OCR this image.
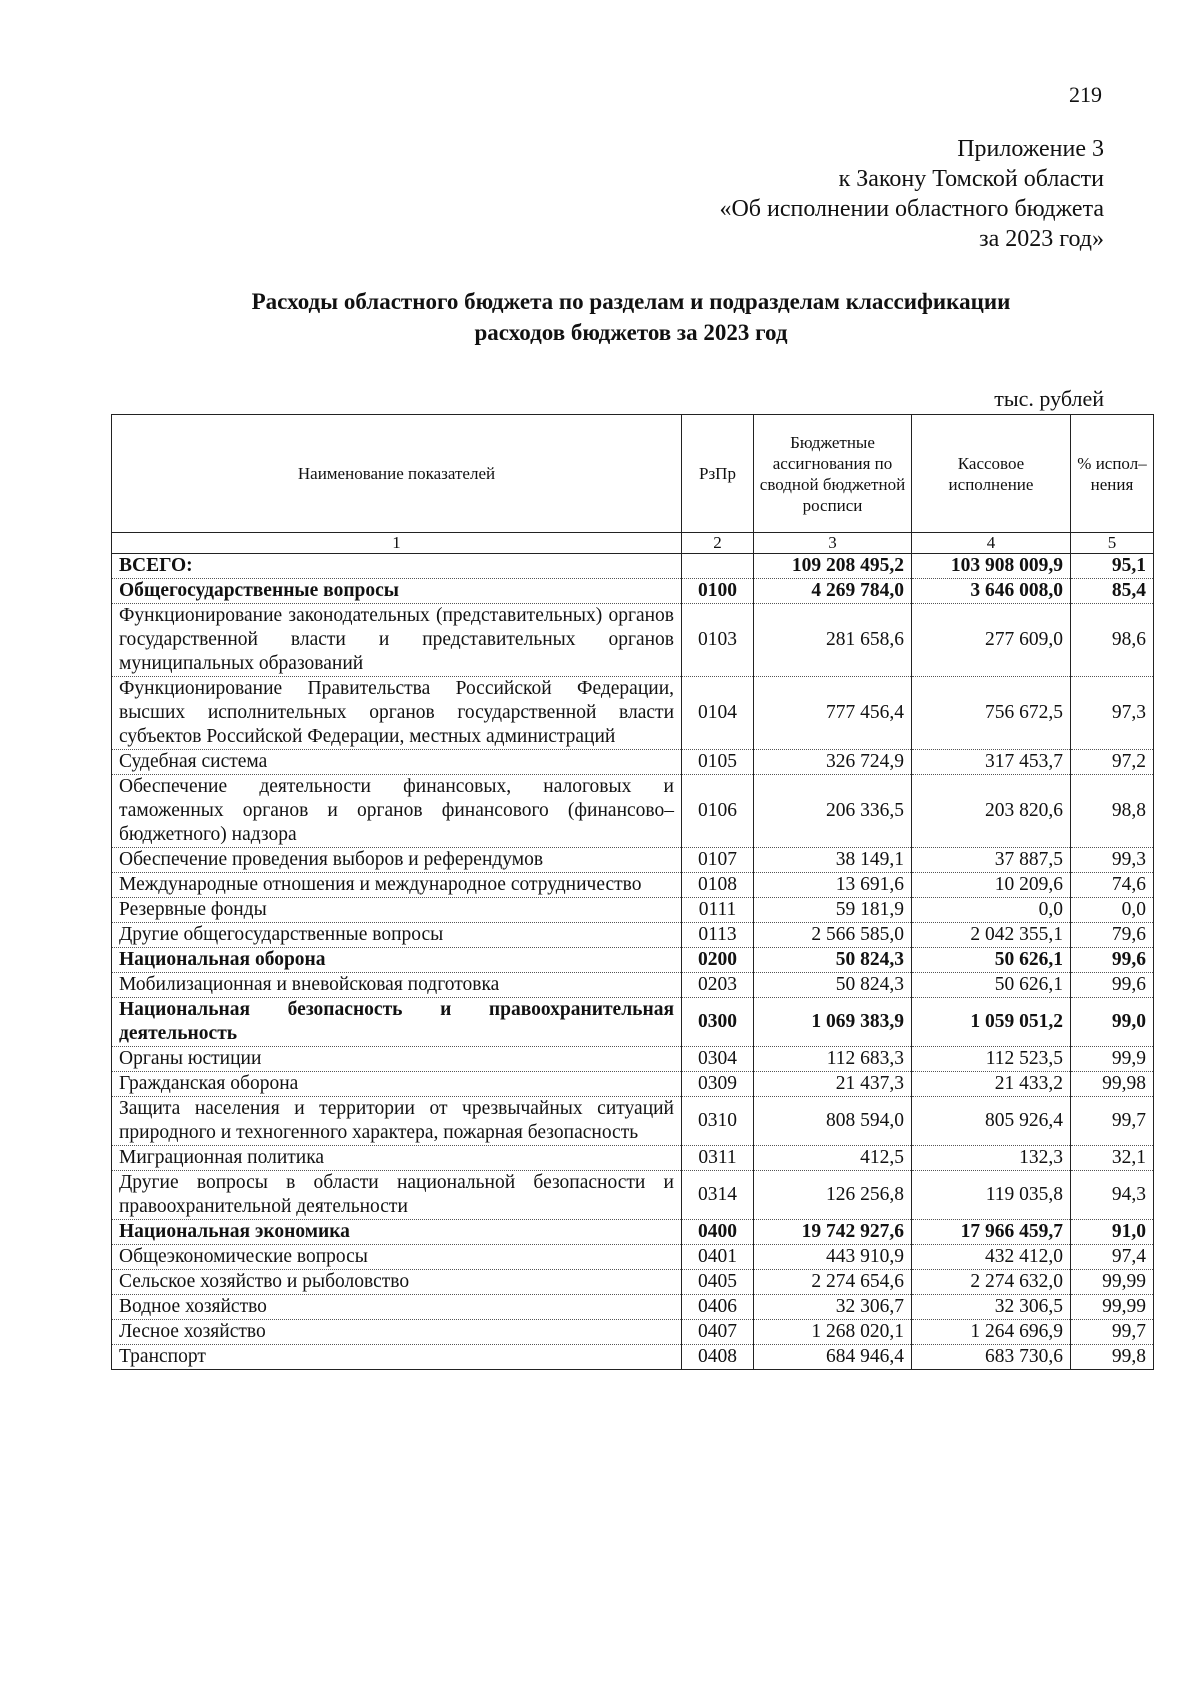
219
Приложение 3
к Закону Томской области
«Об исполнении областного бюджета
за 2023 год»
Расходы областного бюджета по разделам и подразделам классификации
расходов бюджетов за 2023 год
тыс. рублей
Наименование показателей	РзПр	Бюджетные ассигнования по сводной бюджетной росписи	Кассовое исполнение	% испол– нения
1	2	3	4	5
ВСЕГО:		109 208 495,2	103 908 009,9	95,1
Общегосударственные вопросы	0100	4 269 784,0	3 646 008,0	85,4
Функционирование законодательных (представительных) органов государственной власти и представительных органов муниципальных образований	0103	281 658,6	277 609,0	98,6
Функционирование Правительства Российской Федерации, высших исполнительных органов государственной власти субъектов Российской Федерации, местных администраций	0104	777 456,4	756 672,5	97,3
Судебная система	0105	326 724,9	317 453,7	97,2
Обеспечение деятельности финансовых, налоговых и таможенных органов и органов финансового (финансово–бюджетного) надзора	0106	206 336,5	203 820,6	98,8
Обеспечение проведения выборов и референдумов	0107	38 149,1	37 887,5	99,3
Международные отношения и международное сотрудничество	0108	13 691,6	10 209,6	74,6
Резервные фонды	0111	59 181,9	0,0	0,0
Другие общегосударственные вопросы	0113	2 566 585,0	2 042 355,1	79,6
Национальная оборона	0200	50 824,3	50 626,1	99,6
Мобилизационная и вневойсковая подготовка	0203	50 824,3	50 626,1	99,6
Национальная безопасность и правоохранительная деятельность	0300	1 069 383,9	1 059 051,2	99,0
Органы юстиции	0304	112 683,3	112 523,5	99,9
Гражданская оборона	0309	21 437,3	21 433,2	99,98
Защита населения и территории от чрезвычайных ситуаций природного и техногенного характера, пожарная безопасность	0310	808 594,0	805 926,4	99,7
Миграционная политика	0311	412,5	132,3	32,1
Другие вопросы в области национальной безопасности и правоохранительной деятельности	0314	126 256,8	119 035,8	94,3
Национальная экономика	0400	19 742 927,6	17 966 459,7	91,0
Общеэкономические вопросы	0401	443 910,9	432 412,0	97,4
Сельское хозяйство и рыболовство	0405	2 274 654,6	2 274 632,0	99,99
Водное хозяйство	0406	32 306,7	32 306,5	99,99
Лесное хозяйство	0407	1 268 020,1	1 264 696,9	99,7
Транспорт	0408	684 946,4	683 730,6	99,8
